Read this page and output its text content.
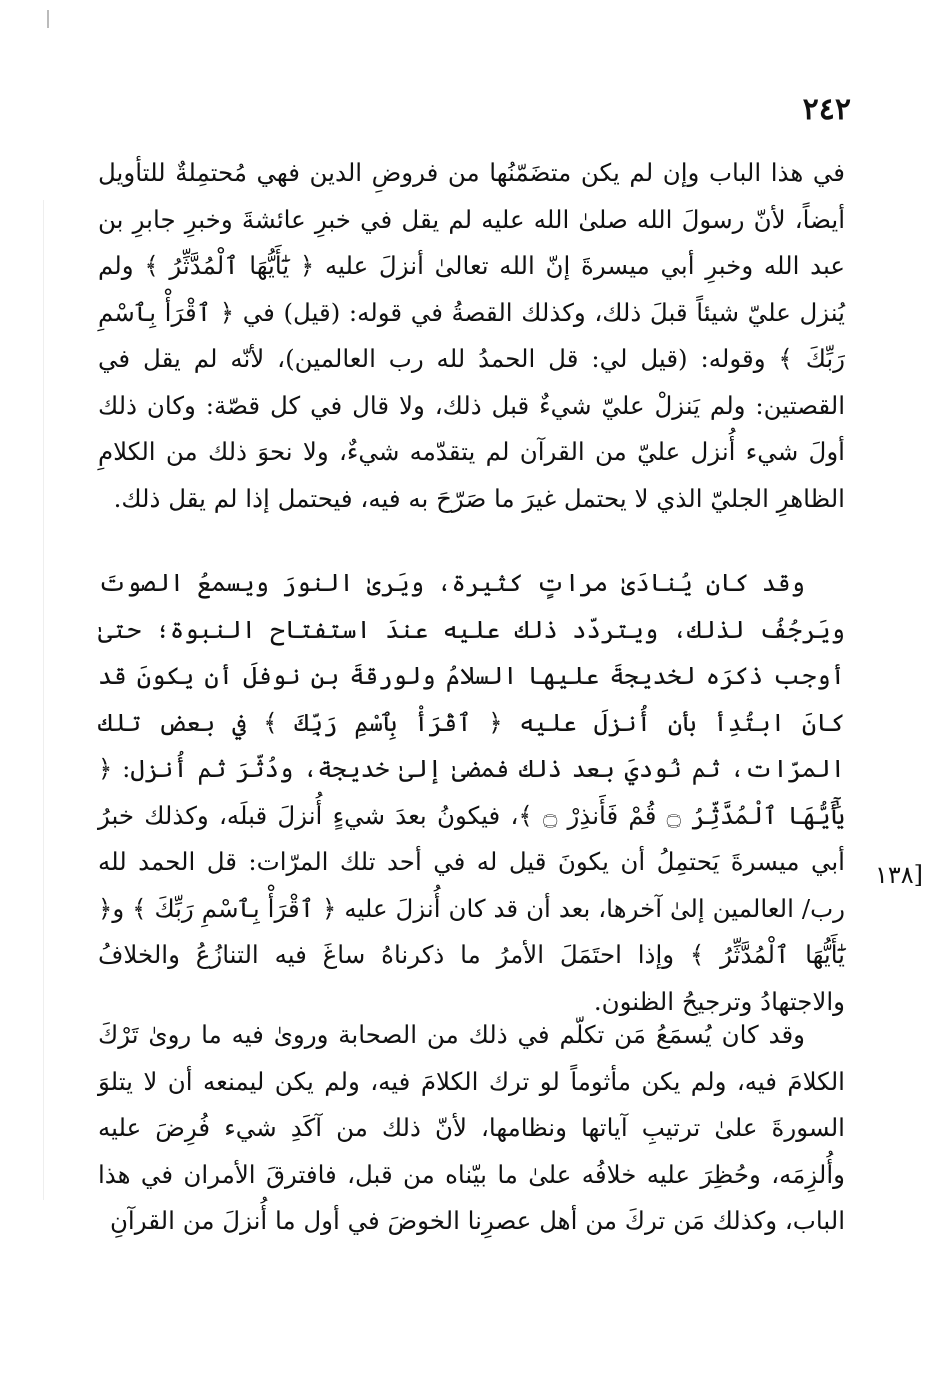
٢٤٢
[١٣٨

في هذا الباب وإن لم يكن متضَمّنُها من فروضِ الدين فهي مُحتمِلةٌ للتأويل أيضاً، لأنّ رسولَ الله صلىٰ الله عليه لم يقل في خبرِ عائشةَ وخبرِ جابرِ بن عبد الله وخبرِ أبي ميسرةَ إنّ الله تعالىٰ أنزلَ عليه ﴿ يَٰٓأَيُّهَا ٱلْمُدَّثِّرُ ﴾ ولم يُنزل عليّ شيئاً قبلَ ذلك، وكذلك القصةُ في قوله: (قيل) في ﴿ ٱقْرَأْ بِٱسْمِ رَبِّكَ ﴾ وقوله: (قيل لي: قل الحمدُ لله رب العالمين)، لأنّه لم يقل في القصتين: ولم يَنزلْ عليّ شيءٌ قبل ذلك، ولا قال في كل قصّة: وكان ذلك أولَ شيء أُنزل عليّ من القرآن لم يتقدّمه شيءٌ، ولا نحوَ ذلك من الكلامِ الظاهرِ الجليّ الذي لا يحتمل غيرَ ما صَرّحَ به فيه، فيحتمل إذا لم يقل ذلك.

وقد كان يُنادَىٰ مراتٍ كثيرة، ويَرىٰ النورَ ويسمعُ الصوتَ ويَرجُفُ لذلك، ويتردّد ذلك عليه عندَ استفتاح النبوة؛ حتىٰ أوجب ذكرَه لخديجةَ عليها السلامُ ولورقةَ بن نوفلَ أن يكونَ قد كانَ ابتُدِأ بأن أُنزلَ عليه ﴿ ٱقْرَأْ بِٱسْمِ رَبِّكَ ﴾ في بعض تلك المرّات، ثم نُوديَ بعد ذلك فمضىٰ إلىٰ خديجة، ودُثّرَ ثم أُنزل: ﴿ يَٰٓأَيُّهَا ٱلْمُدَّثِّرُ ۝ قُمْ فَأَنذِرْ ۝ ﴾، فيكونُ بعدَ شيءٍ أُنزلَ قبلَه، وكذلك خبرُ أبي ميسرةَ يَحتمِلُ أن يكونَ قيل له في أحد تلك المرّات: قل الحمد لله رب/ العالمين إلىٰ آخرها، بعد أن قد كان أُنزلَ عليه ﴿ ٱقْرَأْ بِٱسْمِ رَبِّكَ ﴾ و﴿ يَٰٓأَيُّهَا ٱلْمُدَّثِّرُ ﴾ وإذا احتَمَلَ الأمرُ ما ذكرناهُ ساغَ فيه التنازُعُ والخلافُ والاجتهادُ وترجيحُ الظنون.

وقد كان يُسمَعُ مَن تكلّم في ذلك من الصحابة وروىٰ فيه ما روىٰ تَرْكَ الكلامَ فيه، ولم يكن مأثوماً لو ترك الكلامَ فيه، ولم يكن ليمنعه أن لا يتلوَ السورةَ علىٰ ترتيبِ آياتها ونظامها، لأنّ ذلك من آكَدِ شيء فُرِضَ عليه وأُلزِمَه، وحُظِرَ عليه خلافُه علىٰ ما بيّناه من قبل، فافترقَ الأمران في هذا الباب، وكذلك مَن تركَ من أهل عصرِنا الخوضَ في أول ما أُنزلَ من القرآنِ
